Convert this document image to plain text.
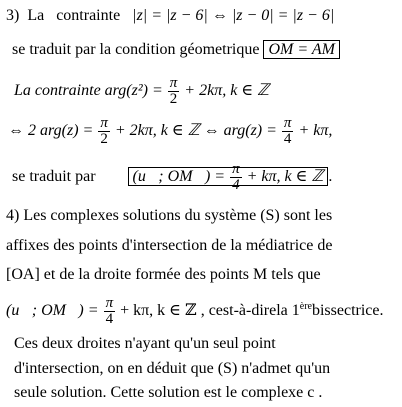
3) La contrainte |z| = |z − 6| ⇔ |z − 0| = |z − 6|
se traduit par la condition géometrique OM = AM
La contrainte $arg(z^2) = \frac{\pi}{2} + 2k\pi$, k ∈ ℤ
⇔ 2 $arg(z) = \frac{\pi}{2} + 2k\pi$, k ∈ ℤ ⇔ $arg(z) = \frac{\pi}{4} + k\pi$,
se traduit par (u⃗; OM⃗) = $\frac{\pi}{4} + k\pi$, k ∈ ℤ .
4) Les complexes solutions du système (S) sont les
affixes des points d'intersection de la médiatrice de
[OA] et de la droite formée des points M tels que
(u⃗; OM⃗) = $\frac{\pi}{4} + k\pi$, k ∈ ℤ , cest-à-direla 1èrebissectrice.
Ces deux droites n'ayant qu'un seul point
d'intersection, on en déduit que (S) n'admet qu'un
seule solution. Cette solution est le complexe c .
